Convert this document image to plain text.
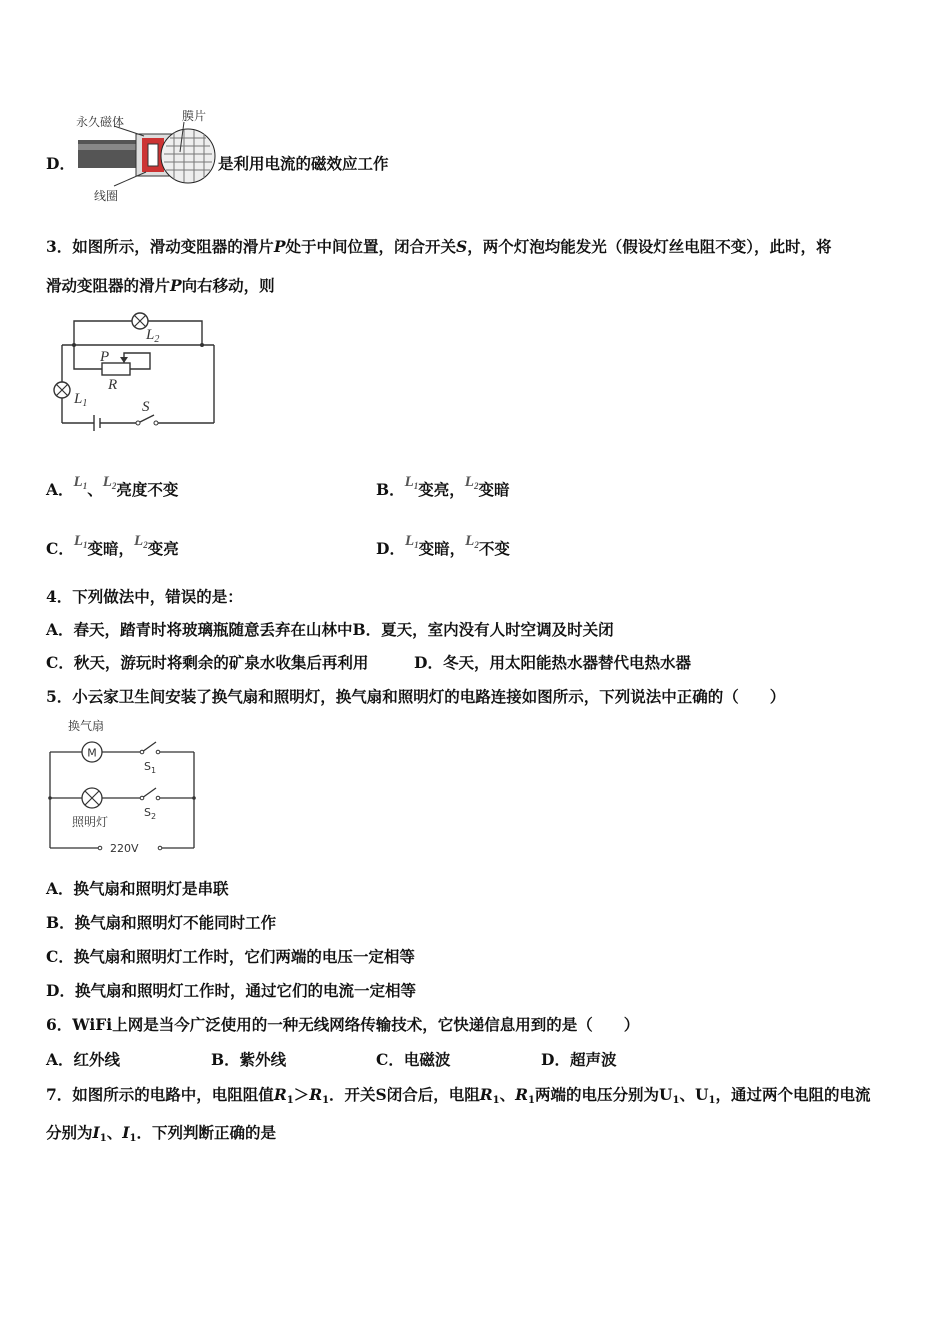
D．
永久磁体	膜片
线圈
是利用电流的磁效应工作
3．如图所示，滑动变阻器的滑片P处于中间位置，闭合开关S，两个灯泡均能发光（假设灯丝电阻不变），此时，将
滑动变阻器的滑片P向右移动，则
$L_2$
P
R
$L_1$	S
A．$L_1$、$L_2$亮度不变	B．$L_1$变亮，$L_2$变暗
C．$L_1$变暗，$L_2$变亮	D．$L_1$变暗，$L_2$不变
4．下列做法中，错误的是：
A．春天，踏青时将玻璃瓶随意丢弃在山林中B．夏天，室内没有人时空调及时关闭
C．秋天，游玩时将剩余的矿泉水收集后再利用	D．冬天，用太阳能热水器替代电热水器
5．小云家卫生间安装了换气扇和照明灯，换气扇和照明灯的电路连接如图所示，下列说法中正确的（　　）
M
换气扇
$S_1$
照明灯
$S_2$
220V
A．换气扇和照明灯是串联
B．换气扇和照明灯不能同时工作
C．换气扇和照明灯工作时，它们两端的电压一定相等
D．换气扇和照明灯工作时，通过它们的电流一定相等
6．WiFi上网是当今广泛使用的一种无线网络传输技术，它快递信息用到的是（　　）
A．红外线	B．紫外线	C．电磁波	D．超声波
7．如图所示的电路中，电阻阻值$R_1>R_1$．开关S闭合后，电阻$R_1$、$R_1$两端的电压分别为$U_1$、$U_1$，通过两个电阻的电流
分别为$I_1$、$I_1$．下列判断正确的是
